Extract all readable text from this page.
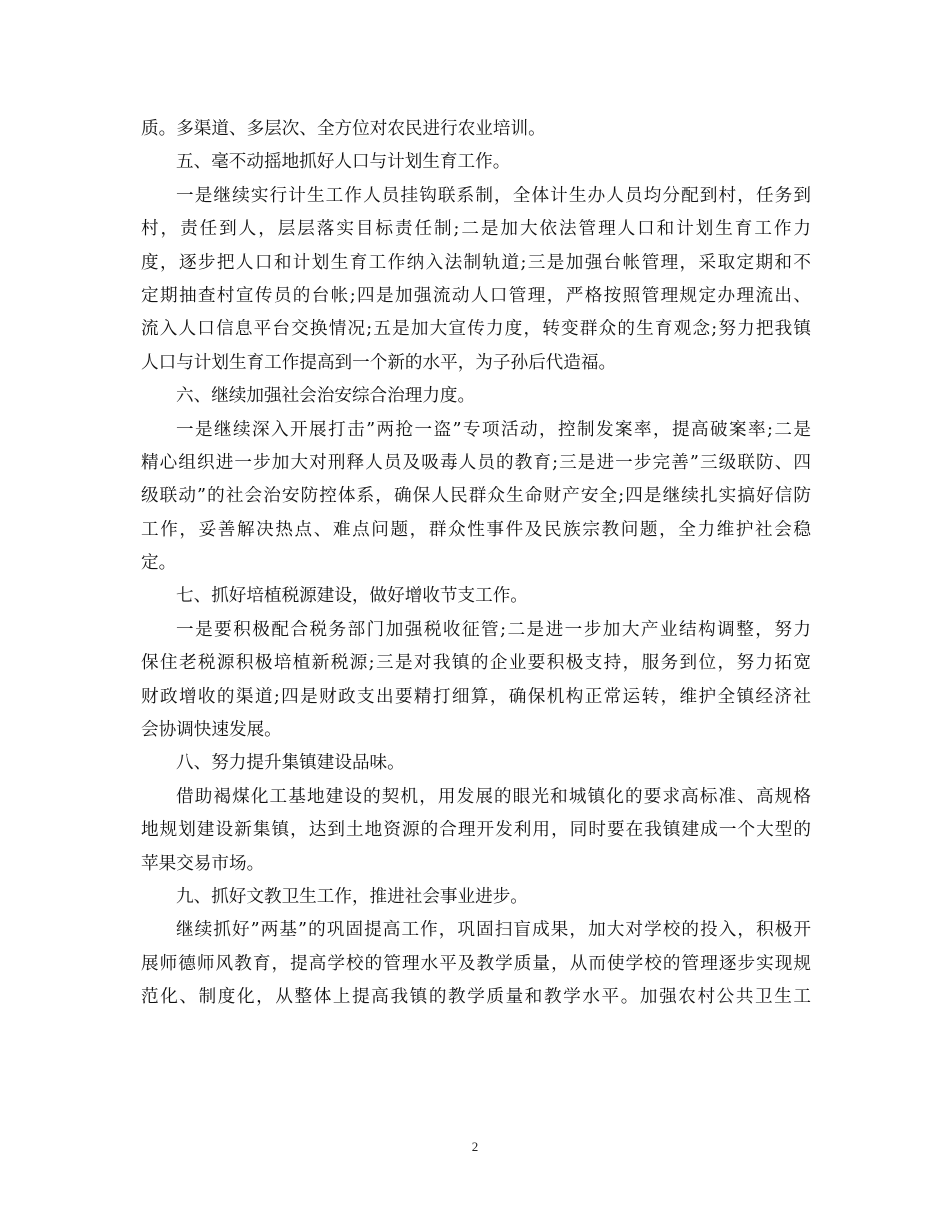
质。多渠道、多层次、全方位对农民进行农业培训。
五、毫不动摇地抓好人口与计划生育工作。
一是继续实行计生工作人员挂钩联系制，全体计生办人员均分配到村，任务到
村，责任到人，层层落实目标责任制;二是加大依法管理人口和计划生育工作力
度，逐步把人口和计划生育工作纳入法制轨道;三是加强台帐管理，采取定期和不
定期抽查村宣传员的台帐;四是加强流动人口管理，严格按照管理规定办理流出、
流入人口信息平台交换情况;五是加大宣传力度，转变群众的生育观念;努力把我镇
人口与计划生育工作提高到一个新的水平，为子孙后代造福。
六、继续加强社会治安综合治理力度。
一是继续深入开展打击”两抢一盗”专项活动，控制发案率，提高破案率;二是
精心组织进一步加大对刑释人员及吸毒人员的教育;三是进一步完善”三级联防、四
级联动”的社会治安防控体系，确保人民群众生命财产安全;四是继续扎实搞好信防
工作，妥善解决热点、难点问题，群众性事件及民族宗教问题，全力维护社会稳
定。
七、抓好培植税源建设，做好增收节支工作。
一是要积极配合税务部门加强税收征管;二是进一步加大产业结构调整，努力
保住老税源积极培植新税源;三是对我镇的企业要积极支持，服务到位，努力拓宽
财政增收的渠道;四是财政支出要精打细算，确保机构正常运转，维护全镇经济社
会协调快速发展。
八、努力提升集镇建设品味。
借助褐煤化工基地建设的契机，用发展的眼光和城镇化的要求高标准、高规格
地规划建设新集镇，达到土地资源的合理开发利用，同时要在我镇建成一个大型的
苹果交易市场。
九、抓好文教卫生工作，推进社会事业进步。
继续抓好”两基”的巩固提高工作，巩固扫盲成果，加大对学校的投入，积极开
展师德师风教育，提高学校的管理水平及教学质量，从而使学校的管理逐步实现规
范化、制度化，从整体上提高我镇的教学质量和教学水平。加强农村公共卫生工
2
